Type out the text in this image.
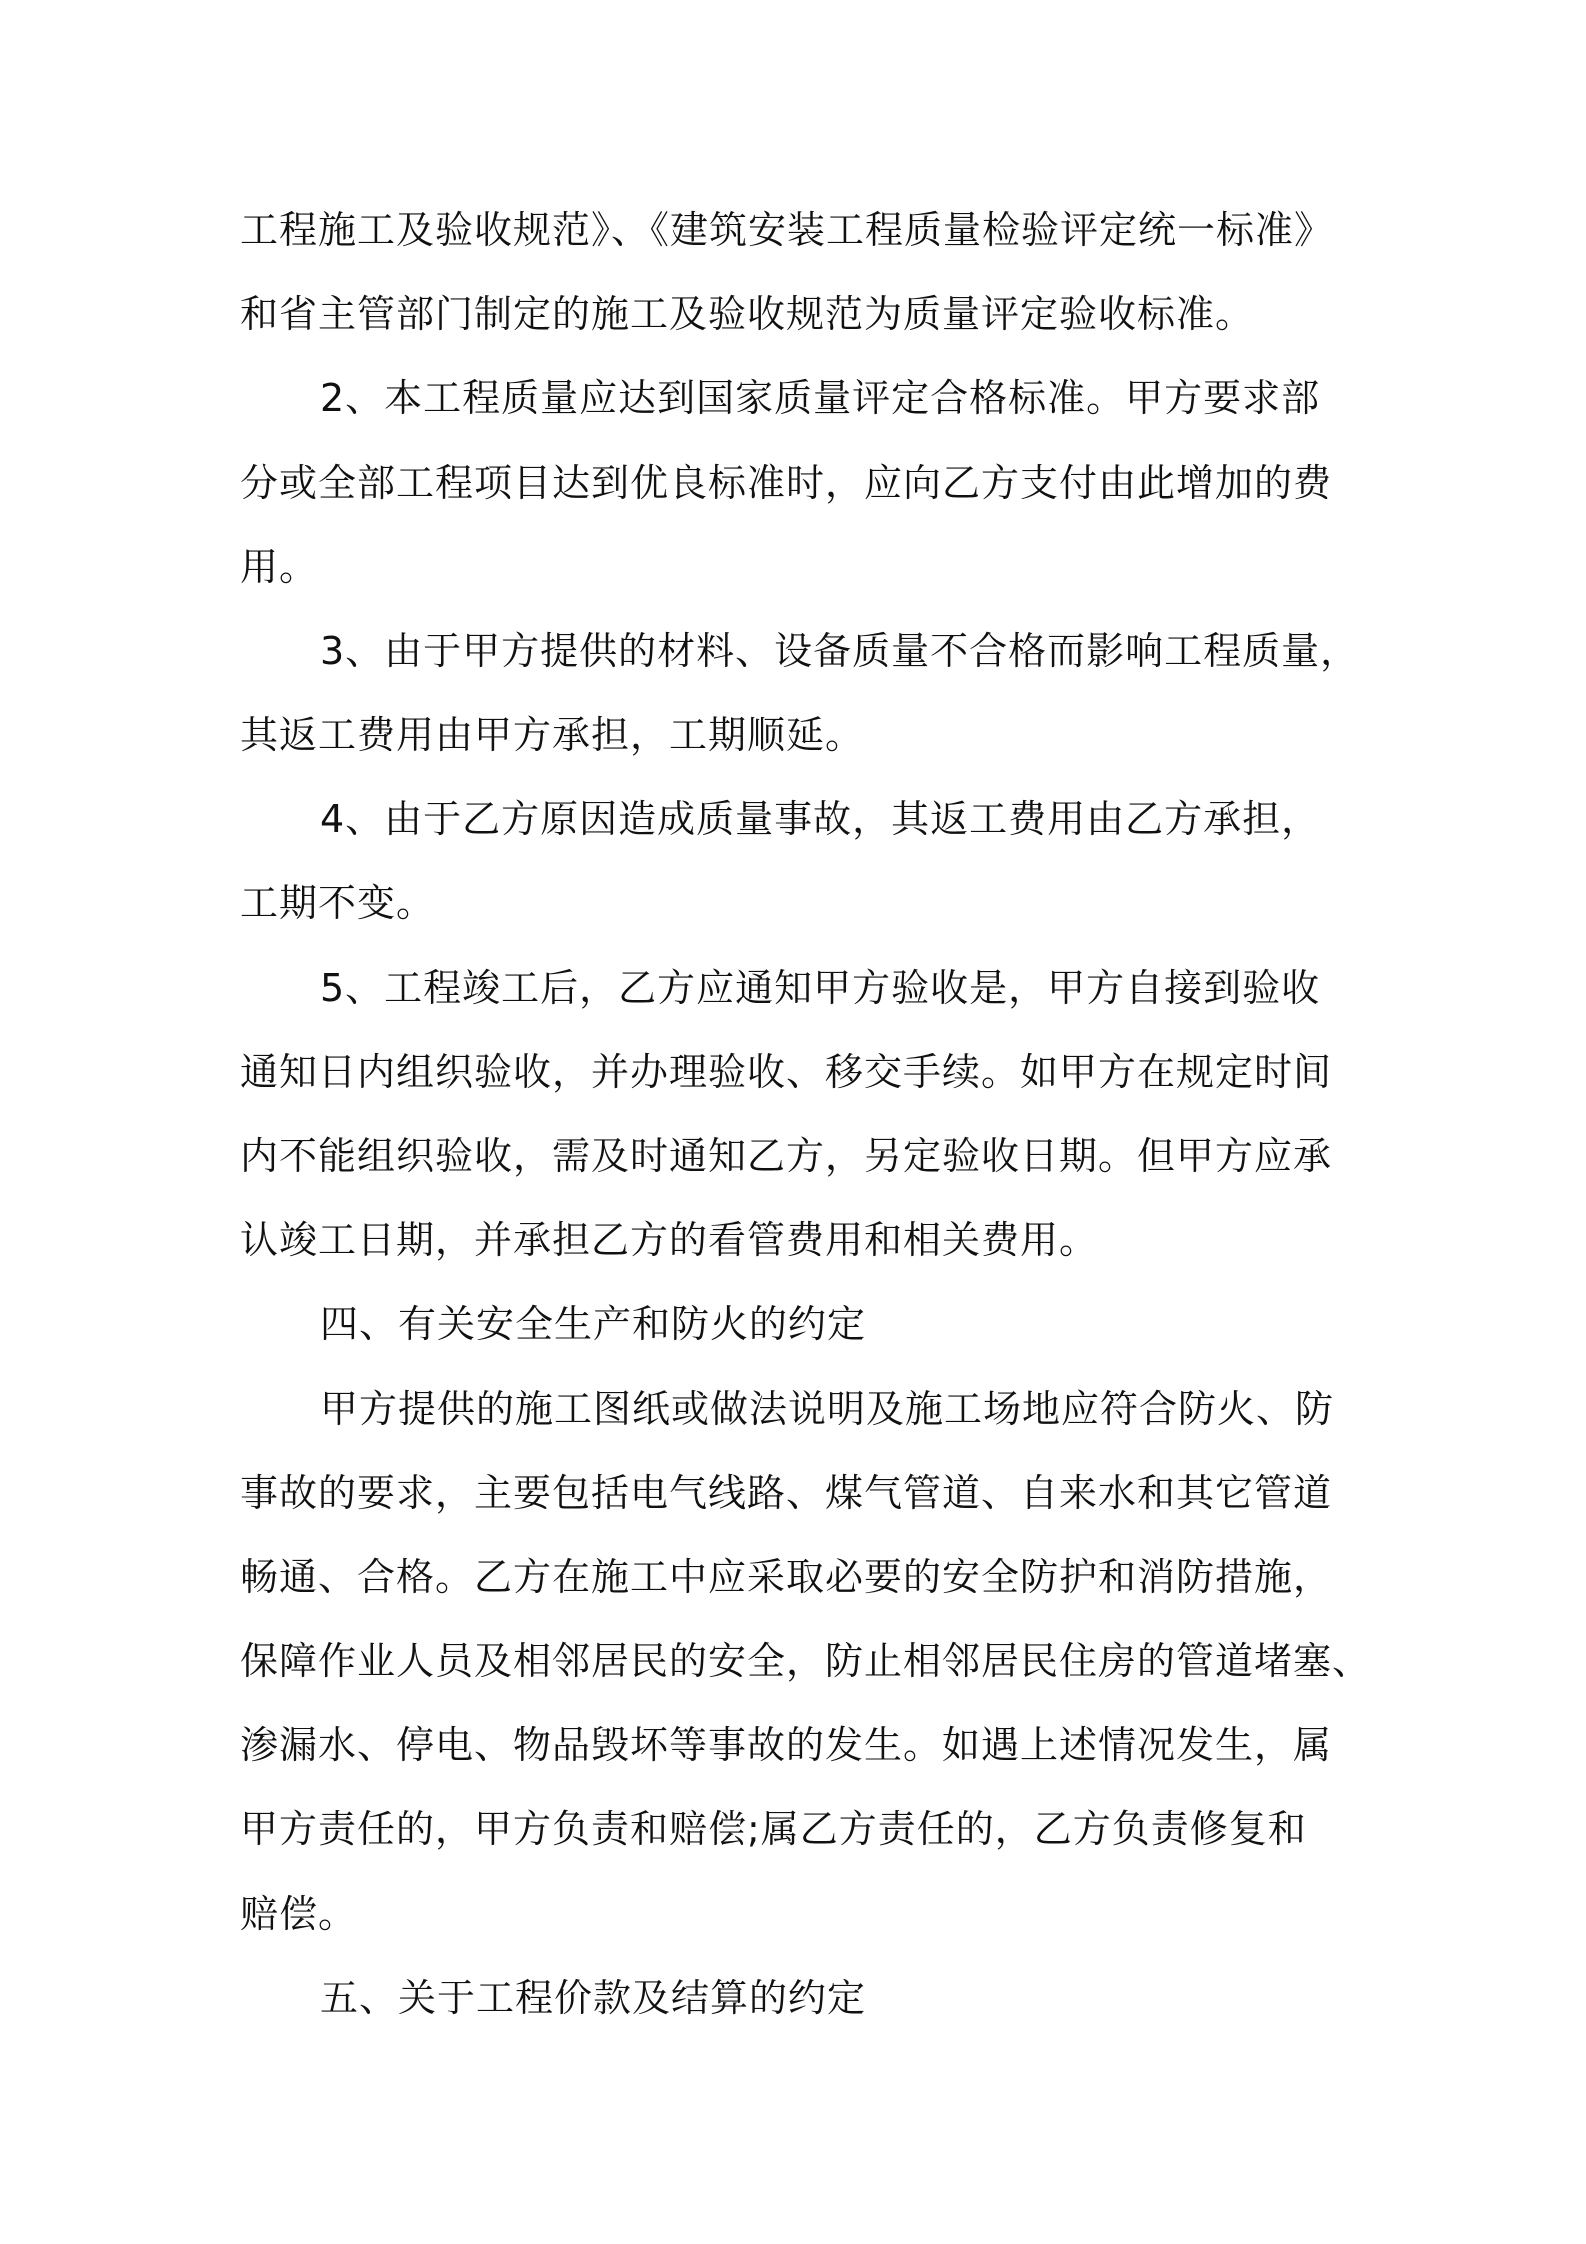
工程施工及验收规范》、《建筑安装工程质量检验评定统一标准》
和省主管部门制定的施工及验收规范为质量评定验收标准。
2、本工程质量应达到国家质量评定合格标准。甲方要求部
分或全部工程项目达到优良标准时，应向乙方支付由此增加的费
用。
3、由于甲方提供的材料、设备质量不合格而影响工程质量，
其返工费用由甲方承担，工期顺延。
4、由于乙方原因造成质量事故，其返工费用由乙方承担，
工期不变。
5、工程竣工后，乙方应通知甲方验收是，甲方自接到验收
通知日内组织验收，并办理验收、移交手续。如甲方在规定时间
内不能组织验收，需及时通知乙方，另定验收日期。但甲方应承
认竣工日期，并承担乙方的看管费用和相关费用。
四、有关安全生产和防火的约定
甲方提供的施工图纸或做法说明及施工场地应符合防火、防
事故的要求，主要包括电气线路、煤气管道、自来水和其它管道
畅通、合格。乙方在施工中应采取必要的安全防护和消防措施，
保障作业人员及相邻居民的安全，防止相邻居民住房的管道堵塞、
渗漏水、停电、物品毁坏等事故的发生。如遇上述情况发生，属
甲方责任的，甲方负责和赔偿;属乙方责任的，乙方负责修复和
赔偿。
五、关于工程价款及结算的约定
